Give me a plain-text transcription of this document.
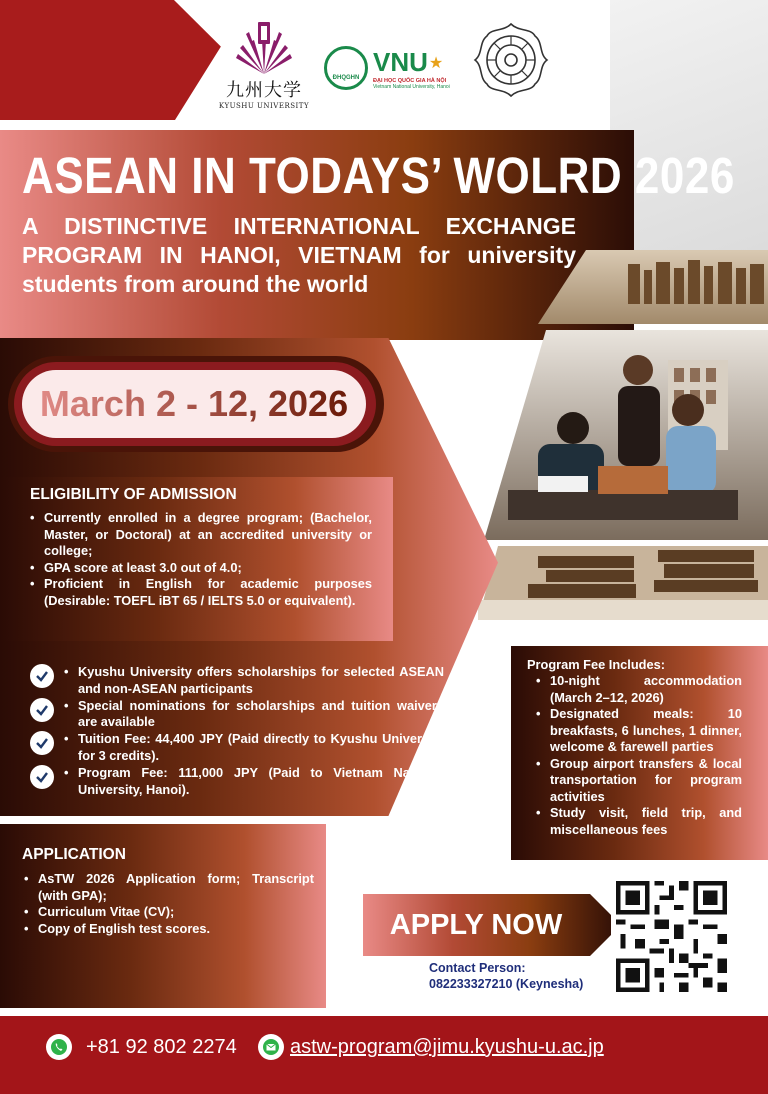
九州大学
KYUSHU UNIVERSITY
ĐHQGHN
VNU ★
ĐẠI HỌC QUỐC GIA HÀ NỘI
Vietnam National University, Hanoi
ASEAN IN TODAYS’ WOLRD 2026
A DISTINCTIVE INTERNATIONAL EXCHANGE PROGRAM IN HANOI, VIETNAM for university students from around the world
March 2 - 12, 2026
ELIGIBILITY OF ADMISSION
• Currently enrolled in a degree program; (Bachelor, Master, or Doctoral) at an accredited university or college;
• GPA score at least 3.0 out of 4.0;
• Proficient in English for academic purposes (Desirable: TOEFL iBT 65 / IELTS 5.0 or equivalent).
• Kyushu University offers scholarships for selected ASEAN and non-ASEAN participants
• Special nominations for scholarships and tuition waivers are available
• Tuition Fee: 44,400 JPY (Paid directly to Kyushu University for 3 credits).
• Program Fee: 111,000 JPY (Paid to Vietnam National University, Hanoi).
APPLICATION
• AsTW 2026 Application form; Transcript (with GPA);
• Curriculum Vitae (CV);
• Copy of English test scores.
Program Fee Includes:
• 10-night accommodation (March 2–12, 2026)
• Designated meals: 10 breakfasts, 6 lunches, 1 dinner, welcome & farewell parties
• Group airport transfers & local transportation for program activities
• Study visit, field trip, and miscellaneous fees
APPLY NOW
Contact Person:
082233327210 (Keynesha)
+81 92 802 2274	astw-program@jimu.kyushu-u.ac.jp
